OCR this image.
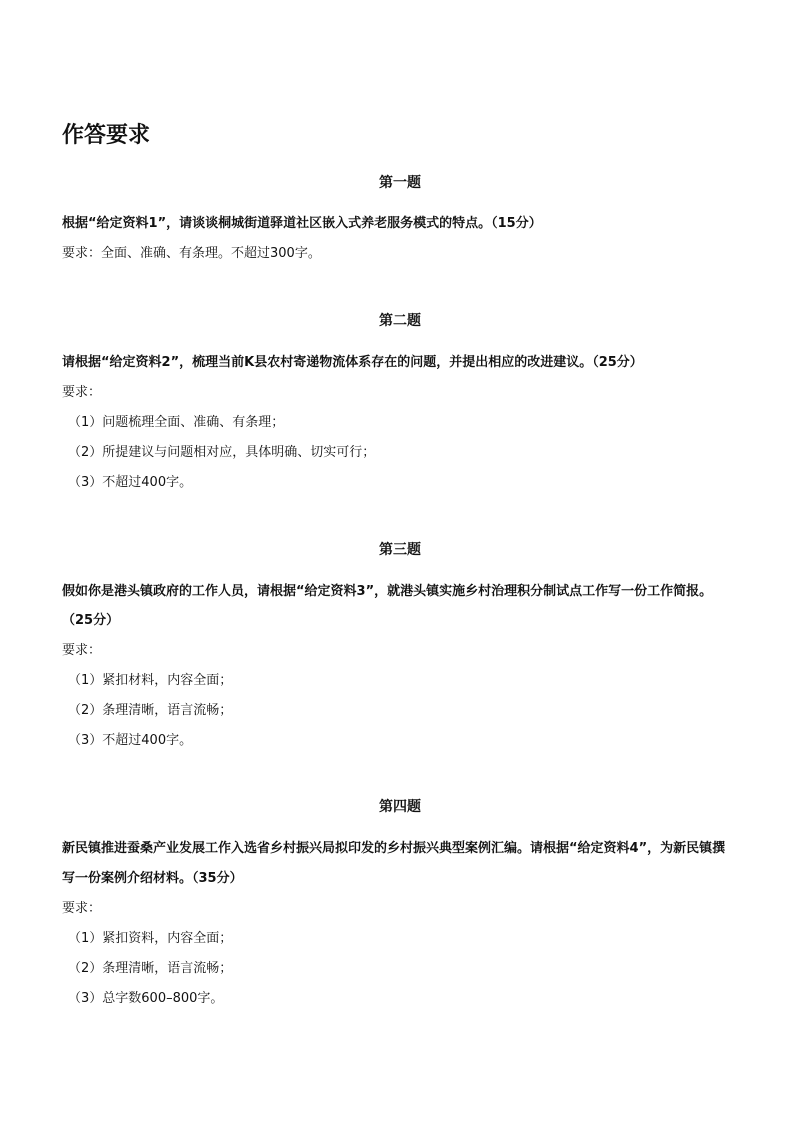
作答要求
第一题
根据“给定资料1”，请谈谈桐城街道驿道社区嵌入式养老服务模式的特点。（15分）
要求：全面、准确、有条理。不超过300字。
第二题
请根据“给定资料2”，梳理当前K县农村寄递物流体系存在的问题，并提出相应的改进建议。（25分）
要求：
（1）问题梳理全面、准确、有条理；
（2）所提建议与问题相对应，具体明确、切实可行；
（3）不超过400字。
第三题
假如你是港头镇政府的工作人员，请根据“给定资料3”，就港头镇实施乡村治理积分制试点工作写一份工作简报。
（25分）
要求：
（1）紧扣材料，内容全面；
（2）条理清晰，语言流畅；
（3）不超过400字。
第四题
新民镇推进蚕桑产业发展工作入选省乡村振兴局拟印发的乡村振兴典型案例汇编。请根据“给定资料4”，为新民镇撰
写一份案例介绍材料。（35分）
要求：
（1）紧扣资料，内容全面；
（2）条理清晰，语言流畅；
（3）总字数600–800字。
